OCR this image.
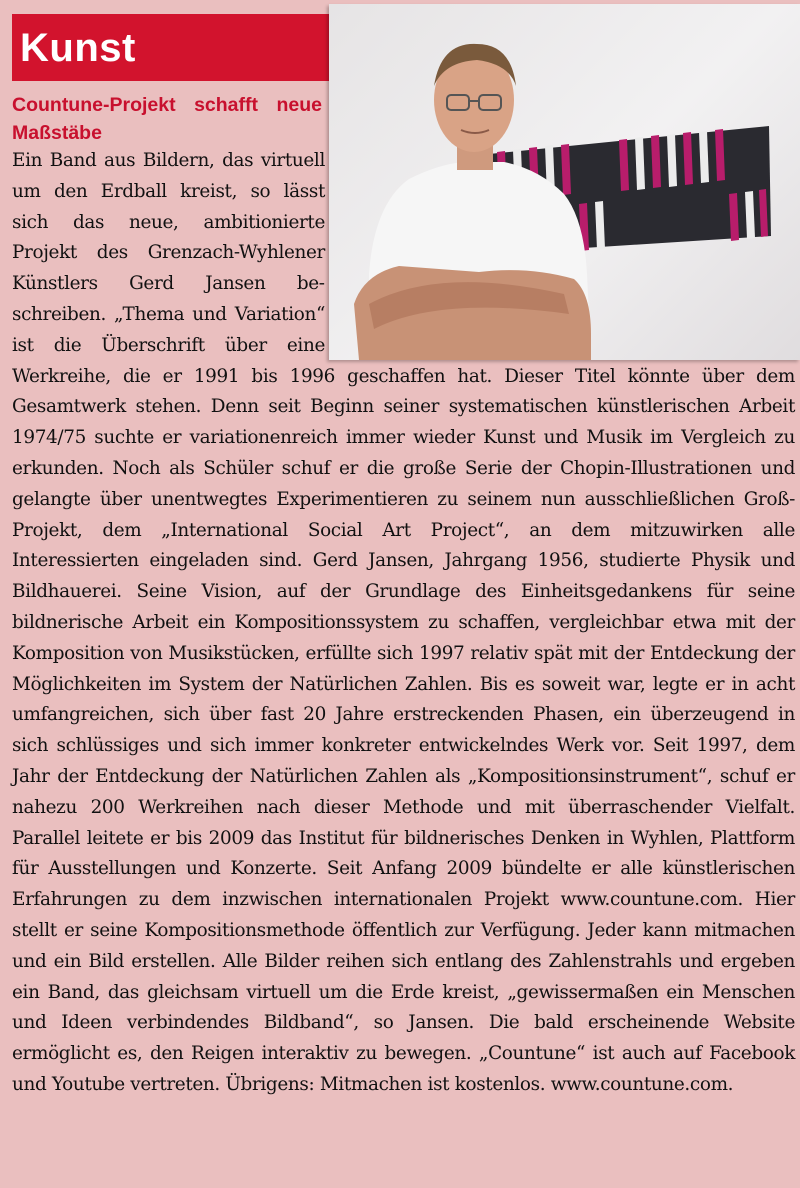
Kunst
Countune-Projekt schafft neue Maßstäbe

Ein Band aus Bildern, das virtuell um den Erdball kreist, so lässt sich das neue, ambitionierte Projekt des Grenzach-Wyhlener Künstlers Gerd Jansen beschreiben. „Thema und Variation“ ist die Überschrift über eine Werkreihe, die er 1991 bis 1996 geschaffen hat. Dieser Titel könnte über dem Gesamtwerk stehen. Denn seit Beginn seiner systematischen künstlerischen Arbeit 1974/75 suchte er variationenreich immer wieder Kunst und Musik im Vergleich zu erkunden. Noch als Schüler schuf er die große Serie der Chopin-Illustrationen und gelangte über unentwegtes Experimentieren zu seinem nun ausschließlichen Groß-Projekt, dem „International Social Art Project“, an dem mitzuwirken alle Interessierten eingeladen sind. Gerd Jansen, Jahrgang 1956, studierte Physik und Bildhauerei. Seine Vision, auf der Grundlage des Einheitsgedankens für seine bildnerische Arbeit ein Kompositionssystem zu schaffen, vergleichbar etwa mit der Komposition von Musikstücken, erfüllte sich 1997 relativ spät mit der Entdeckung der Möglichkeiten im System der Natürlichen Zahlen. Bis es soweit war, legte er in acht umfangreichen, sich über fast 20 Jahre erstreckenden Phasen, ein überzeugend in sich schlüssiges und sich immer konkreter entwickelndes Werk vor. Seit 1997, dem Jahr der Entdeckung der Natürlichen Zahlen als „Kompositionsinstrument“, schuf er nahezu 200 Werkreihen nach dieser Methode und mit überraschender Vielfalt. Parallel leitete er bis 2009 das Institut für bildnerisches Denken in Wyhlen, Plattform für Ausstellungen und Konzerte. Seit Anfang 2009 bündelte er alle künstlerischen Erfahrungen zu dem inzwischen internationalen Projekt www.countune.com. Hier stellt er seine Kompositionsmethode öffentlich zur Verfügung. Jeder kann mitmachen und ein Bild erstellen. Alle Bilder reihen sich entlang des Zahlenstrahls und ergeben ein Band, das gleichsam virtuell um die Erde kreist, „gewissermaßen ein Menschen und Ideen verbindendes Bildband“, so Jansen. Die bald erscheinende Website ermöglicht es, den Reigen interaktiv zu bewegen. „Countune“ ist auch auf Facebook und Youtube vertreten. Übrigens: Mitmachen ist kostenlos. www.countune.com.
